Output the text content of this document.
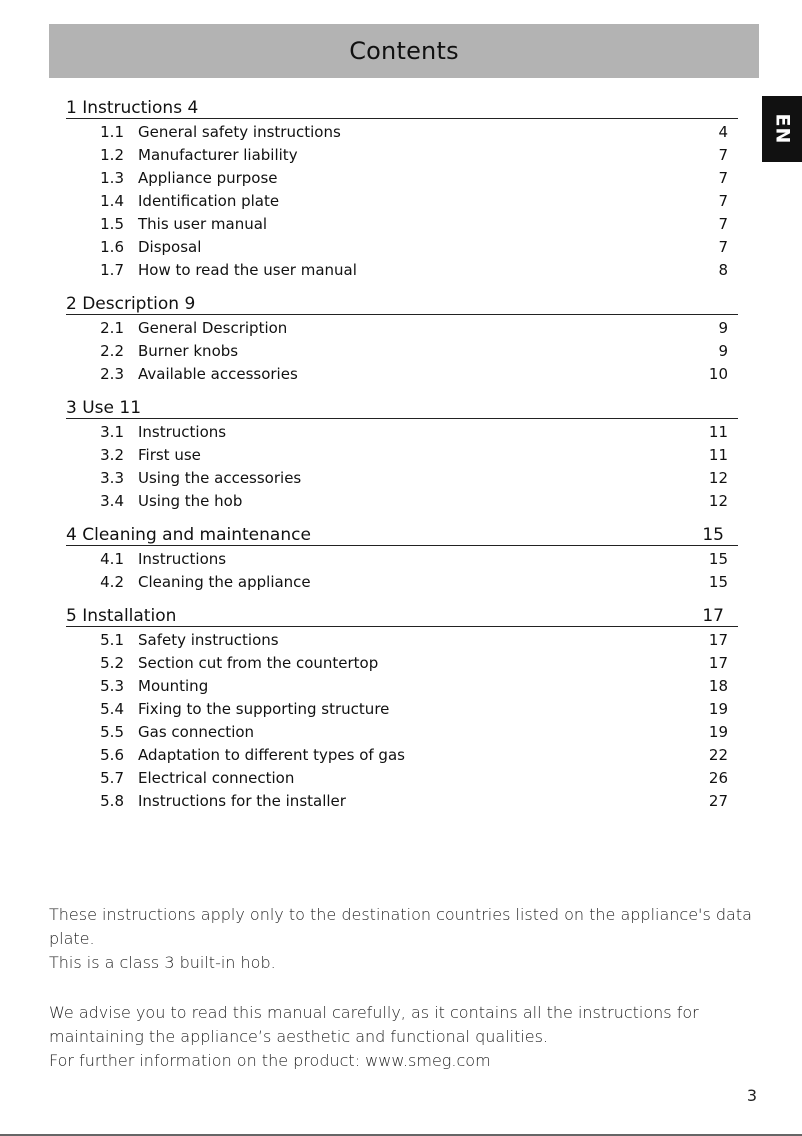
Contents
EN
1 Instructions 4
1.1 General safety instructions	4
1.2 Manufacturer liability	7
1.3 Appliance purpose	7
1.4 Identification plate	7
1.5 This user manual	7
1.6 Disposal	7
1.7 How to read the user manual	8
2 Description 9
2.1 General Description	9
2.2 Burner knobs	9
2.3 Available accessories	10
3 Use 11
3.1 Instructions	11
3.2 First use	11
3.3 Using the accessories	12
3.4 Using the hob	12
4 Cleaning and maintenance	15
4.1 Instructions	15
4.2 Cleaning the appliance	15
5 Installation	17
5.1 Safety instructions	17
5.2 Section cut from the countertop	17
5.3 Mounting	18
5.4 Fixing to the supporting structure	19
5.5 Gas connection	19
5.6 Adaptation to different types of gas	22
5.7 Electrical connection	26
5.8 Instructions for the installer	27

These instructions apply only to the destination countries listed on the appliance's data plate.

This is a class 3 built-in hob.

We advise you to read this manual carefully, as it contains all the instructions for maintaining the appliance’s aesthetic and functional qualities.

For further information on the product: www.smeg.com

3
